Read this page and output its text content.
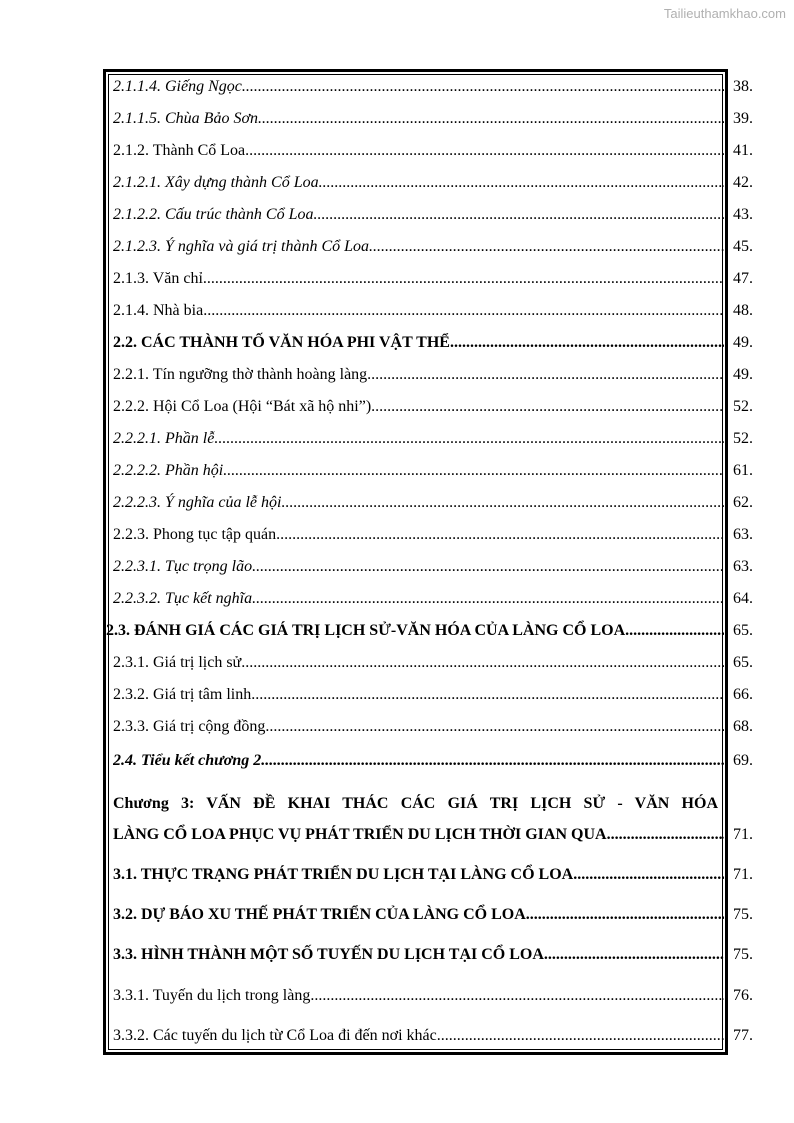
Tailieuthamkhao.com
2.1.1.4. Giếng Ngọc .....	38.
2.1.1.5. Chùa Bảo Sơn .....	39.
2.1.2. Thành Cổ Loa .....	41.
2.1.2.1. Xây dựng thành Cổ Loa .....	42.
2.1.2.2. Cấu trúc thành Cổ Loa .....	43.
2.1.2.3. Ý nghĩa và giá trị thành Cổ Loa .....	45.
2.1.3. Văn chỉ .....	47.
2.1.4. Nhà bia .....	48.
2.2. CÁC THÀNH TỐ VĂN HÓA PHI VẬT THỂ .....	49.
2.2.1. Tín ngưỡng thờ thành hoàng làng .....	49.
2.2.2. Hội Cổ Loa (Hội “Bát xã hộ nhi”) .....	52.
2.2.2.1. Phần lễ .....	52.
2.2.2.2. Phần hội .....	61.
2.2.2.3. Ý nghĩa của lễ hội .....	62.
2.2.3. Phong tục tập quán .....	63.
2.2.3.1. Tục trọng lão .....	63.
2.2.3.2. Tục kết nghĩa .....	64.
2.3. ĐÁNH GIÁ CÁC GIÁ TRỊ LỊCH SỬ-VĂN HÓA CỦA LÀNG CỔ LOA .....	65.
2.3.1. Giá trị lịch sử .....	65.
2.3.2. Giá trị tâm linh .....	66.
2.3.3. Giá trị cộng đồng .....	68.
2.4. Tiểu kết chương 2 .....	69.
Chương 3: VẤN ĐỀ KHAI THÁC CÁC GIÁ TRỊ LỊCH SỬ - VĂN HÓA
LÀNG CỔ LOA PHỤC VỤ PHÁT TRIỂN DU LỊCH THỜI GIAN QUA .....	71.
3.1. THỰC TRẠNG PHÁT TRIỂN DU LỊCH TẠI LÀNG CỔ LOA .....	71.
3.2. DỰ BÁO XU THẾ PHÁT TRIỂN CỦA LÀNG CỔ LOA .....	75.
3.3. HÌNH THÀNH MỘT SỐ TUYẾN DU LỊCH TẠI CỔ LOA .....	75.
3.3.1. Tuyến du lịch trong làng .....	76.
3.3.2. Các tuyến du lịch từ Cổ Loa đi đến nơi khác .....	77.
